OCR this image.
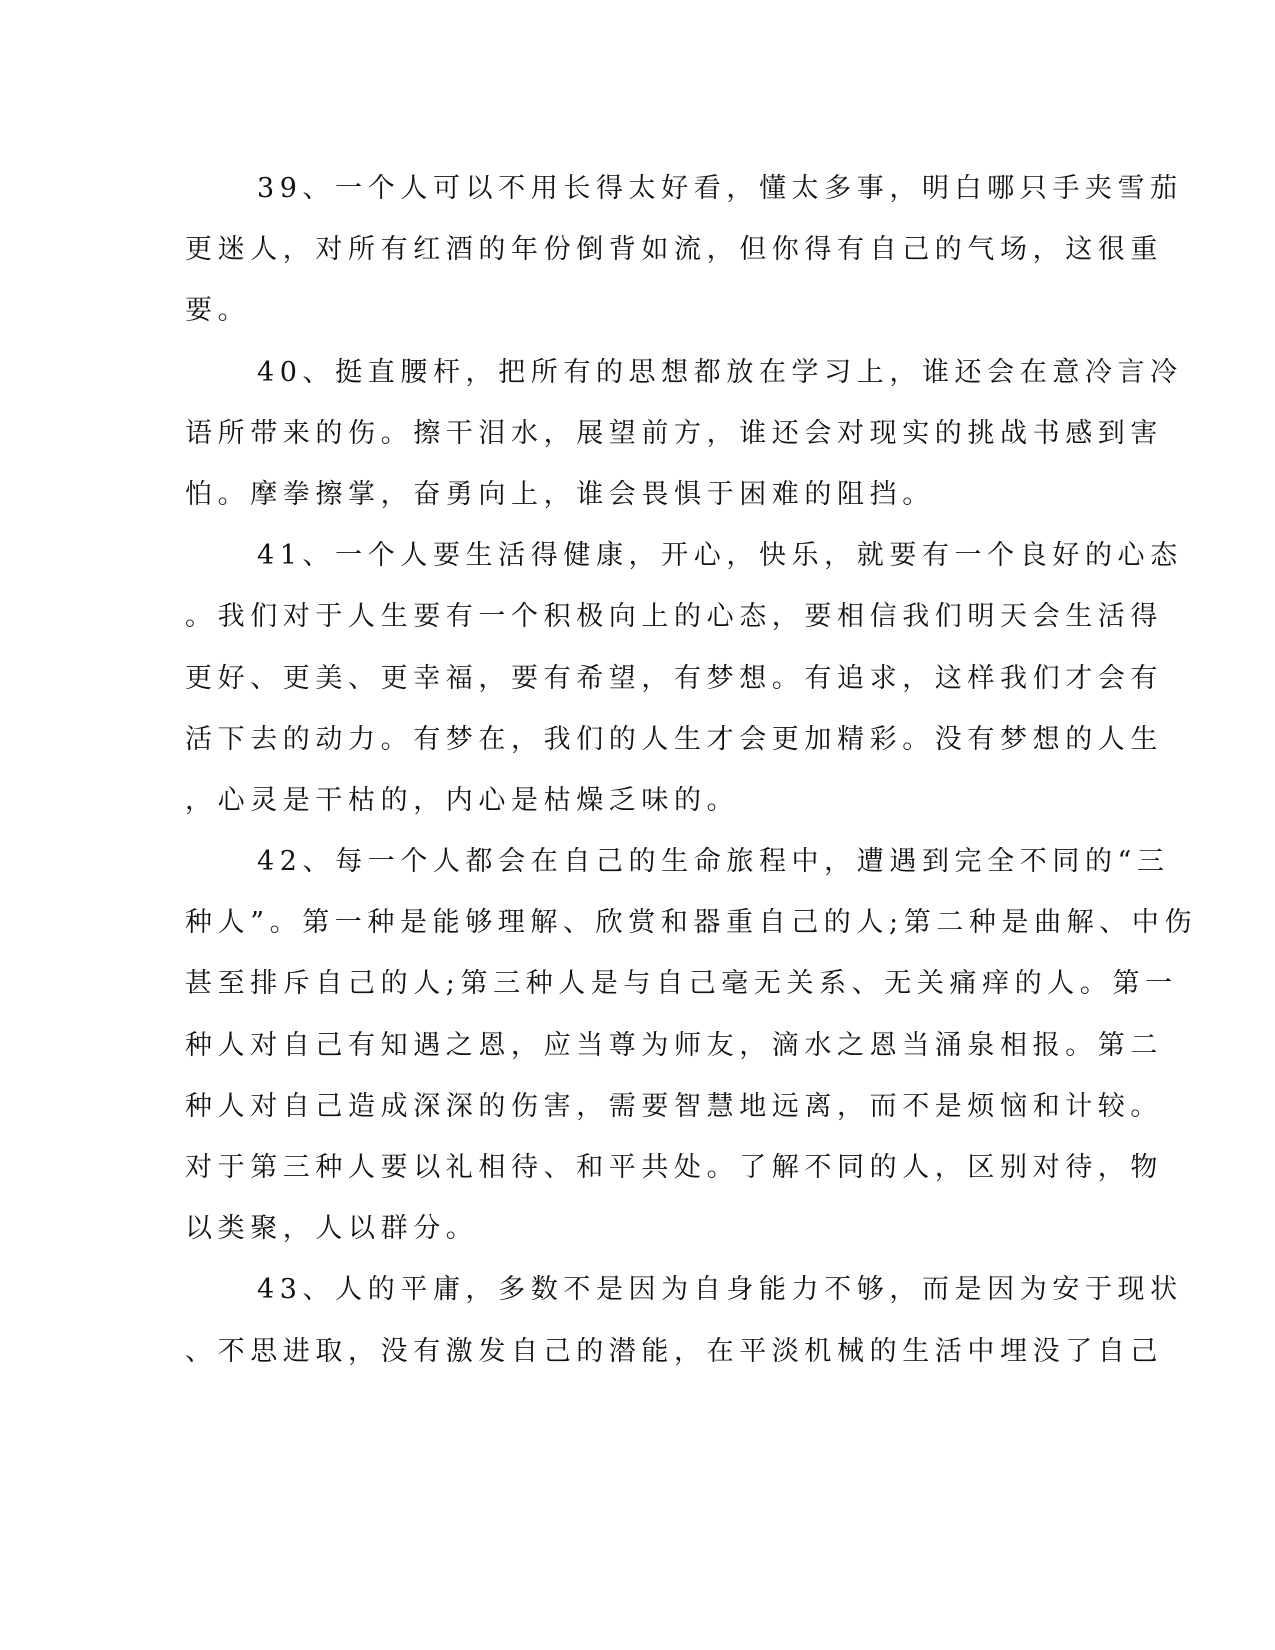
39、一个人可以不用长得太好看，懂太多事，明白哪只手夹雪茄
更迷人，对所有红酒的年份倒背如流，但你得有自己的气场，这很重
要。
40、挺直腰杆，把所有的思想都放在学习上，谁还会在意冷言冷
语所带来的伤。擦干泪水，展望前方，谁还会对现实的挑战书感到害
怕。摩拳擦掌，奋勇向上，谁会畏惧于困难的阻挡。
41、一个人要生活得健康，开心，快乐，就要有一个良好的心态
。我们对于人生要有一个积极向上的心态，要相信我们明天会生活得
更好、更美、更幸福，要有希望，有梦想。有追求，这样我们才会有
活下去的动力。有梦在，我们的人生才会更加精彩。没有梦想的人生
，心灵是干枯的，内心是枯燥乏味的。
42、每一个人都会在自己的生命旅程中，遭遇到完全不同的“三
种人”。第一种是能够理解、欣赏和器重自己的人;第二种是曲解、中伤
甚至排斥自己的人;第三种人是与自己毫无关系、无关痛痒的人。第一
种人对自己有知遇之恩，应当尊为师友，滴水之恩当涌泉相报。第二
种人对自己造成深深的伤害，需要智慧地远离，而不是烦恼和计较。
对于第三种人要以礼相待、和平共处。了解不同的人，区别对待，物
以类聚，人以群分。
43、人的平庸，多数不是因为自身能力不够，而是因为安于现状
、不思进取，没有激发自己的潜能，在平淡机械的生活中埋没了自己
